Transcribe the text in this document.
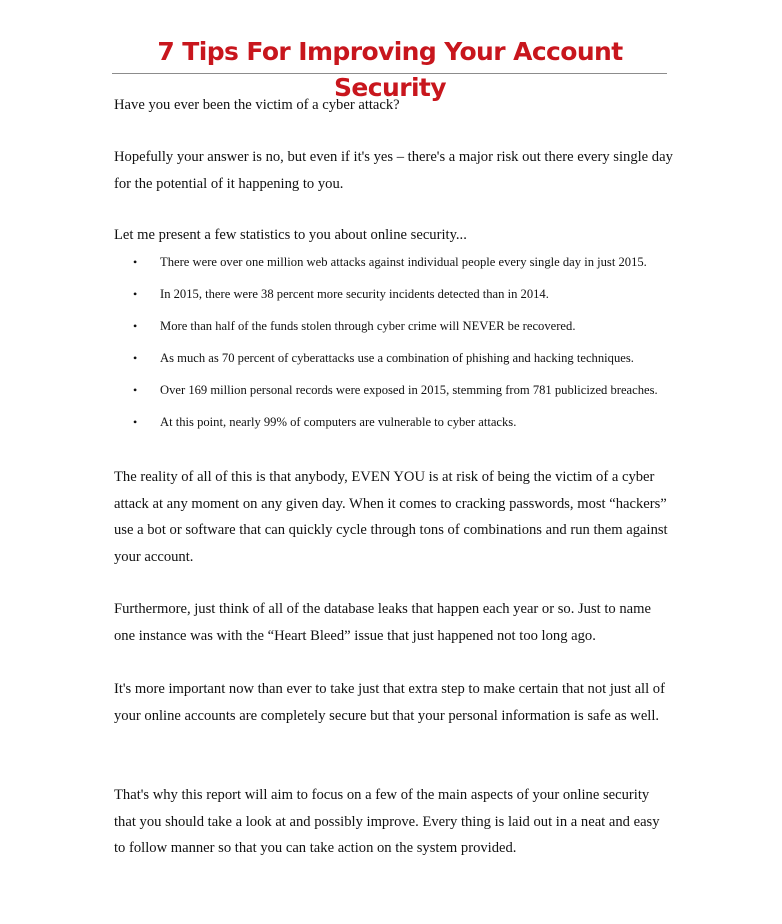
7 Tips For Improving Your Account Security

Have you ever been the victim of a cyber attack?

Hopefully your answer is no, but even if it's yes – there's a major risk out there every single day for the potential of it happening to you.

Let me present a few statistics to you about online security...

• There were over one million web attacks against individual people every single day in just 2015.
• In 2015, there were 38 percent more security incidents detected than in 2014.
• More than half of the funds stolen through cyber crime will NEVER be recovered.
• As much as 70 percent of cyberattacks use a combination of phishing and hacking techniques.
• Over 169 million personal records were exposed in 2015, stemming from 781 publicized breaches.
• At this point, nearly 99% of computers are vulnerable to cyber attacks.

The reality of all of this is that anybody, EVEN YOU is at risk of being the victim of a cyber attack at any moment on any given day. When it comes to cracking passwords, most “hackers” use a bot or software that can quickly cycle through tons of combinations and run them against your account.

Furthermore, just think of all of the database leaks that happen each year or so. Just to name one instance was with the “Heart Bleed” issue that just happened not too long ago.

It's more important now than ever to take just that extra step to make certain that not just all of your online accounts are completely secure but that your personal information is safe as well.

That's why this report will aim to focus on a few of the main aspects of your online security that you should take a look at and possibly improve. Every thing is laid out in a neat and easy to follow manner so that you can take action on the system provided.
